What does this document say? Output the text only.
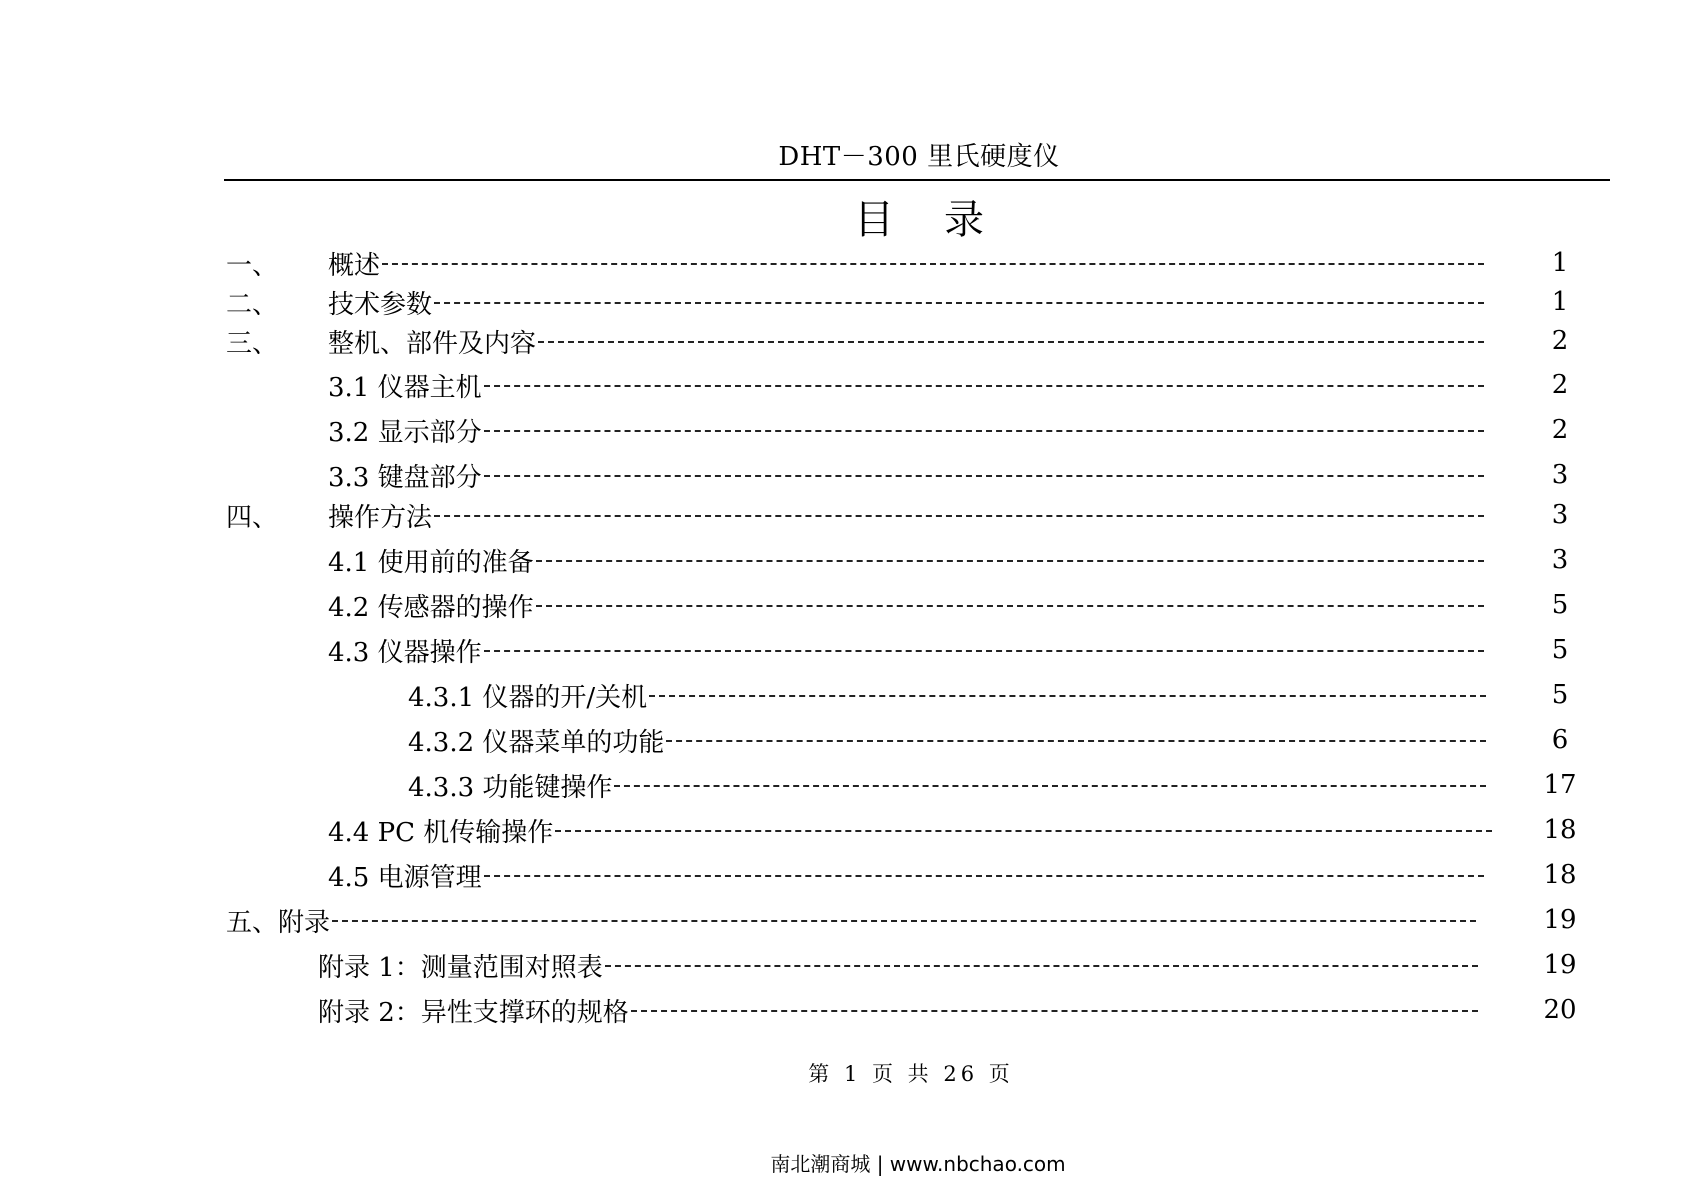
DHT－300 里氏硬度仪
目录
一、	概述	1
二、	技术参数	1
三、	整机、部件及内容	2
3.1 仪器主机	2
3.2 显示部分	2
3.3 键盘部分	3
四、	操作方法	3
4.1 使用前的准备	3
4.2 传感器的操作	5
4.3 仪器操作	5
4.3.1 仪器的开/关机	5
4.3.2 仪器菜单的功能	6
4.3.3 功能键操作	17
4.4 PC 机传输操作	18
4.5 电源管理	18
五、附录	19
附录 1：测量范围对照表	19
附录 2：异性支撑环的规格	20
第 1 页 共 26 页
南北潮商城 | www.nbchao.com
